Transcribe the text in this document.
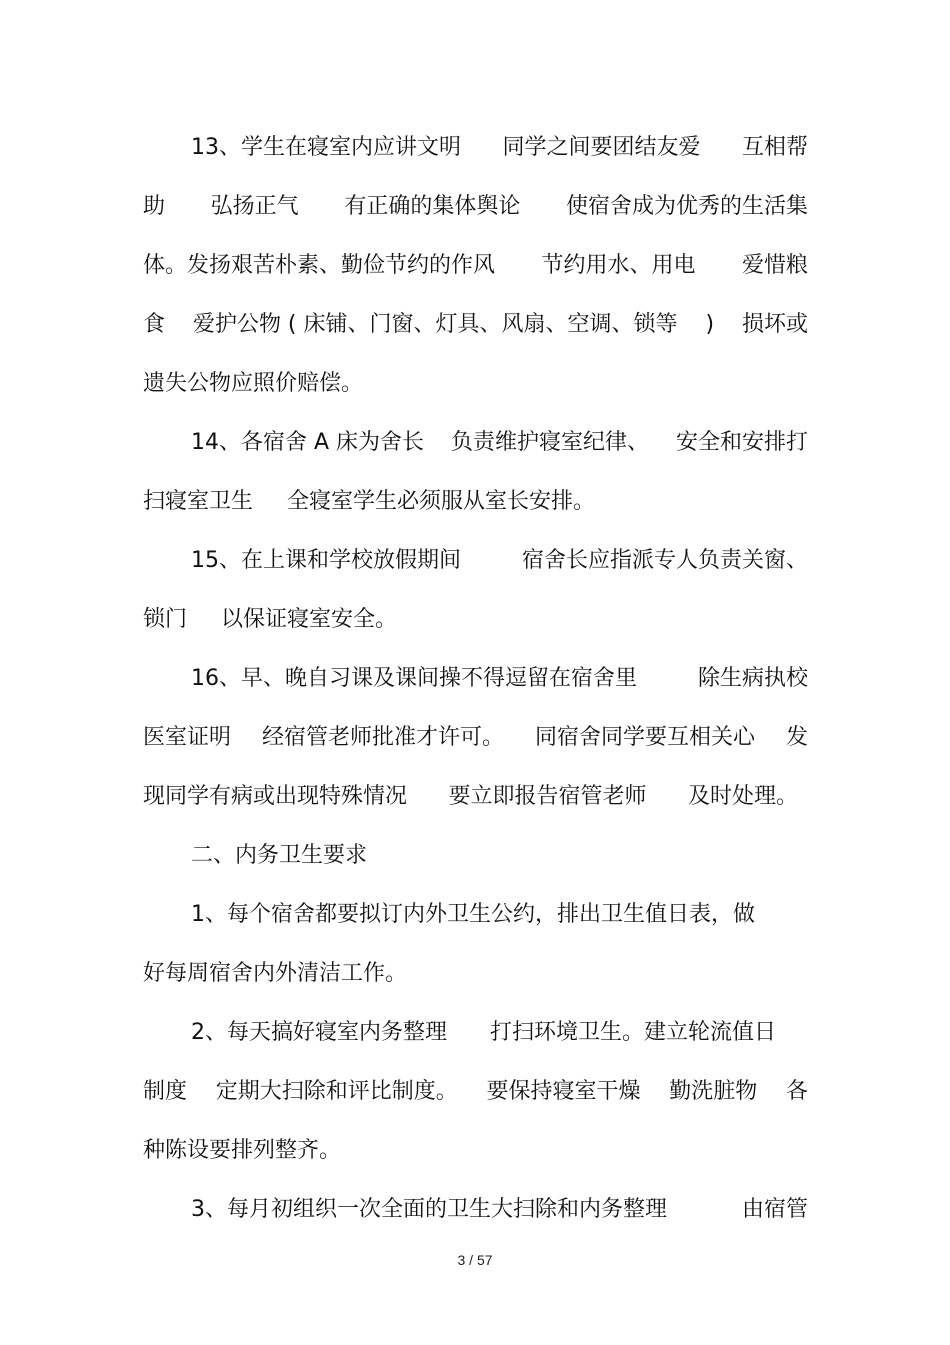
13、学生在寝室内应讲文明 同学之间要团结友爱 互相帮
助 弘扬正气 有正确的集体舆论 使宿舍成为优秀的生活集
体。发扬艰苦朴素、勤俭节约的作风 节约用水、用电 爱惜粮
食 爱护公物 ( 床铺、门窗、灯具、风扇、空调、锁等 ) 损坏或
遗失公物应照价赔偿。
14、各宿舍 A 床为舍长 负责维护寝室纪律、 安全和安排打
扫寝室卫生 全寝室学生必须服从室长安排。
15、在上课和学校放假期间	宿舍长应指派专人负责关窗、
锁门 以保证寝室安全。
16、早、晚自习课及课间操不得逗留在宿舍里	除生病执校
医室证明 经宿管老师批准才许可。 同宿舍同学要互相关心 发
现同学有病或出现特殊情况 要立即报告宿管老师 及时处理。
二、内务卫生要求
1、每个宿舍都要拟订内外卫生公约，排出卫生值日表，做
好每周宿舍内外清洁工作。
2、每天搞好寝室内务整理 打扫环境卫生。建立轮流值日
制度 定期大扫除和评比制度。 要保持寝室干燥 勤洗脏物 各
种陈设要排列整齐。
3、每月初组织一次全面的卫生大扫除和内务整理	由宿管
3 / 57
